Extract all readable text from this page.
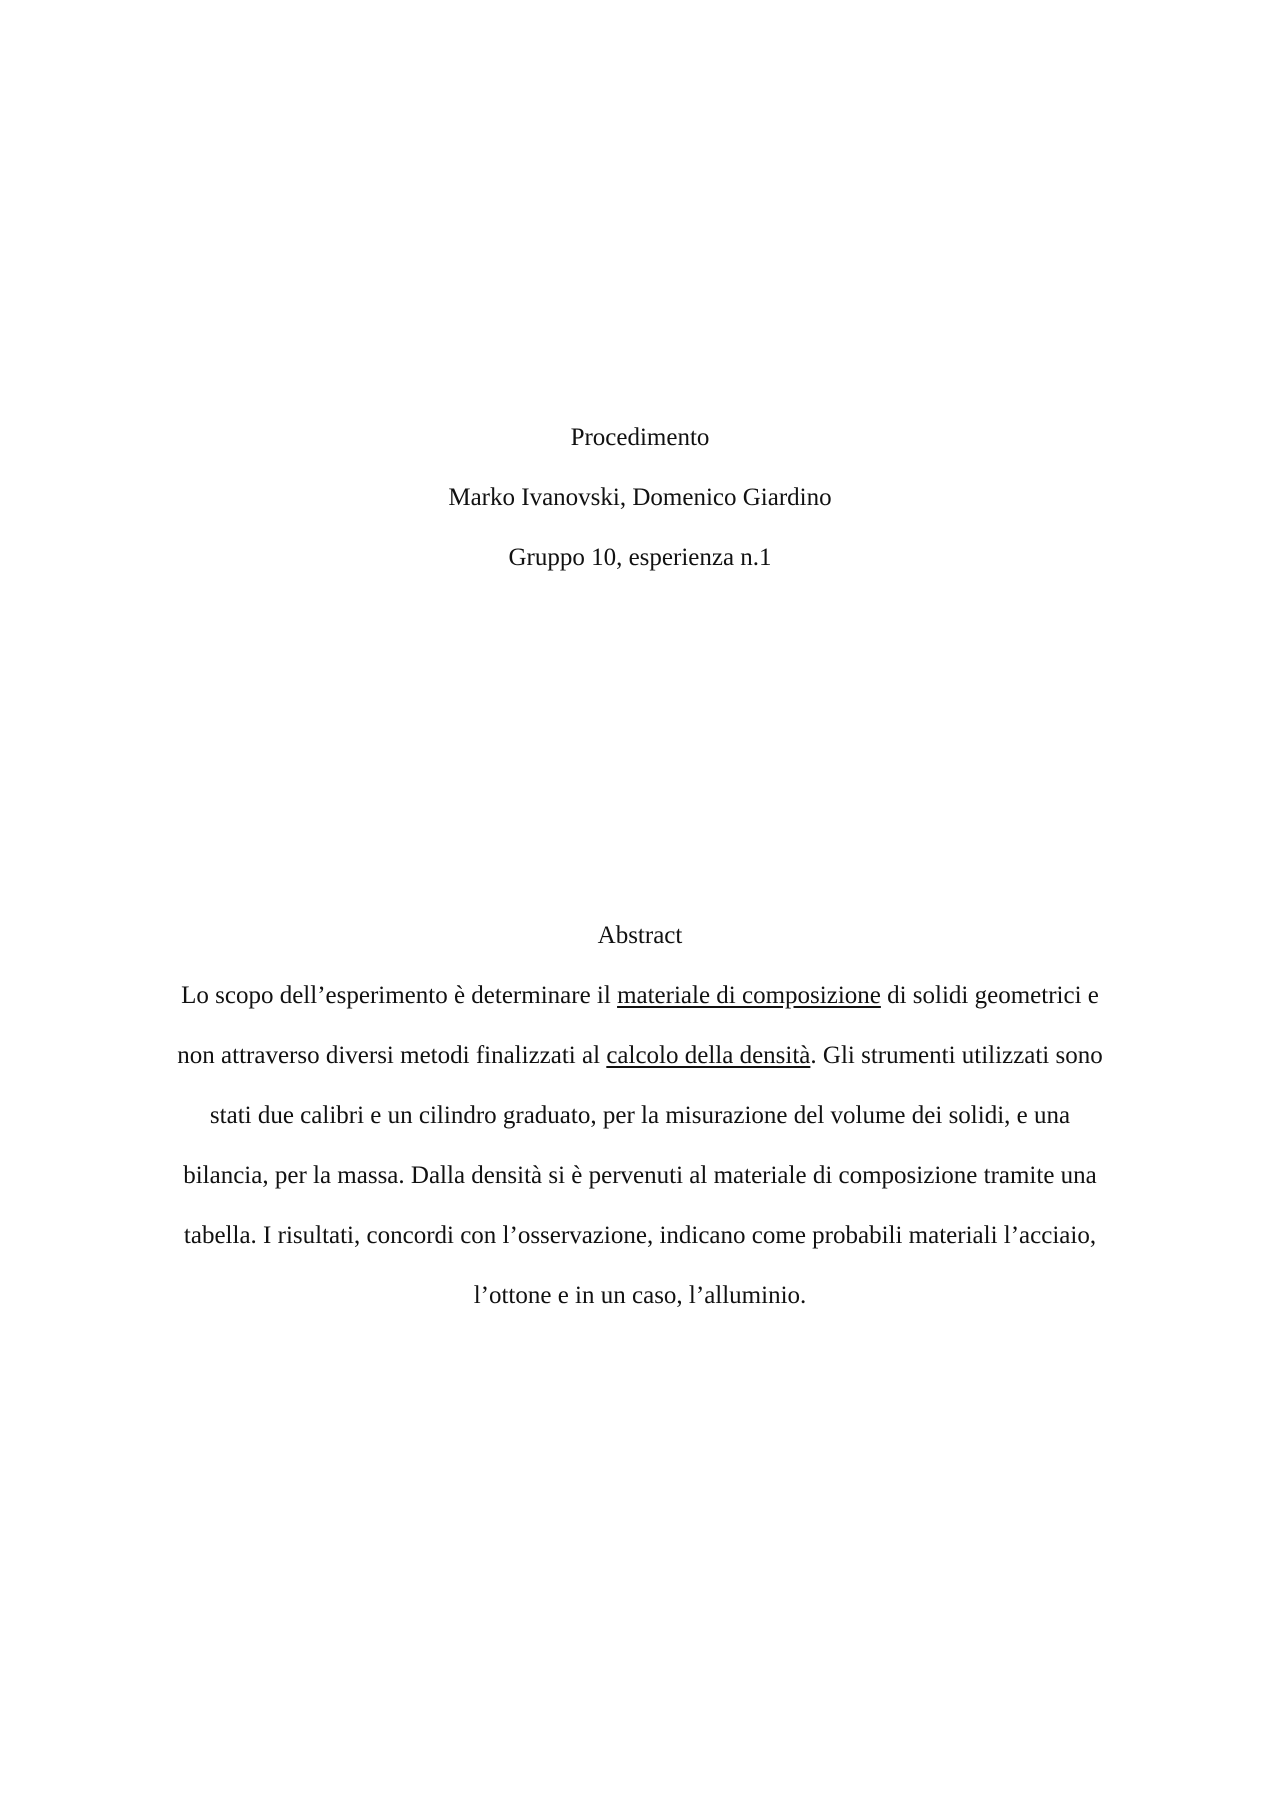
Procedimento
Marko Ivanovski, Domenico Giardino
Gruppo 10, esperienza n.1
Abstract
Lo scopo dell’esperimento è determinare il materiale di composizione di solidi geometrici e
non attraverso diversi metodi finalizzati al calcolo della densità. Gli strumenti utilizzati sono
stati due calibri e un cilindro graduato, per la misurazione del volume dei solidi, e una
bilancia, per la massa. Dalla densità si è pervenuti al materiale di composizione tramite una
tabella. I risultati, concordi con l’osservazione, indicano come probabili materiali l’acciaio,
l’ottone e in un caso, l’alluminio.
